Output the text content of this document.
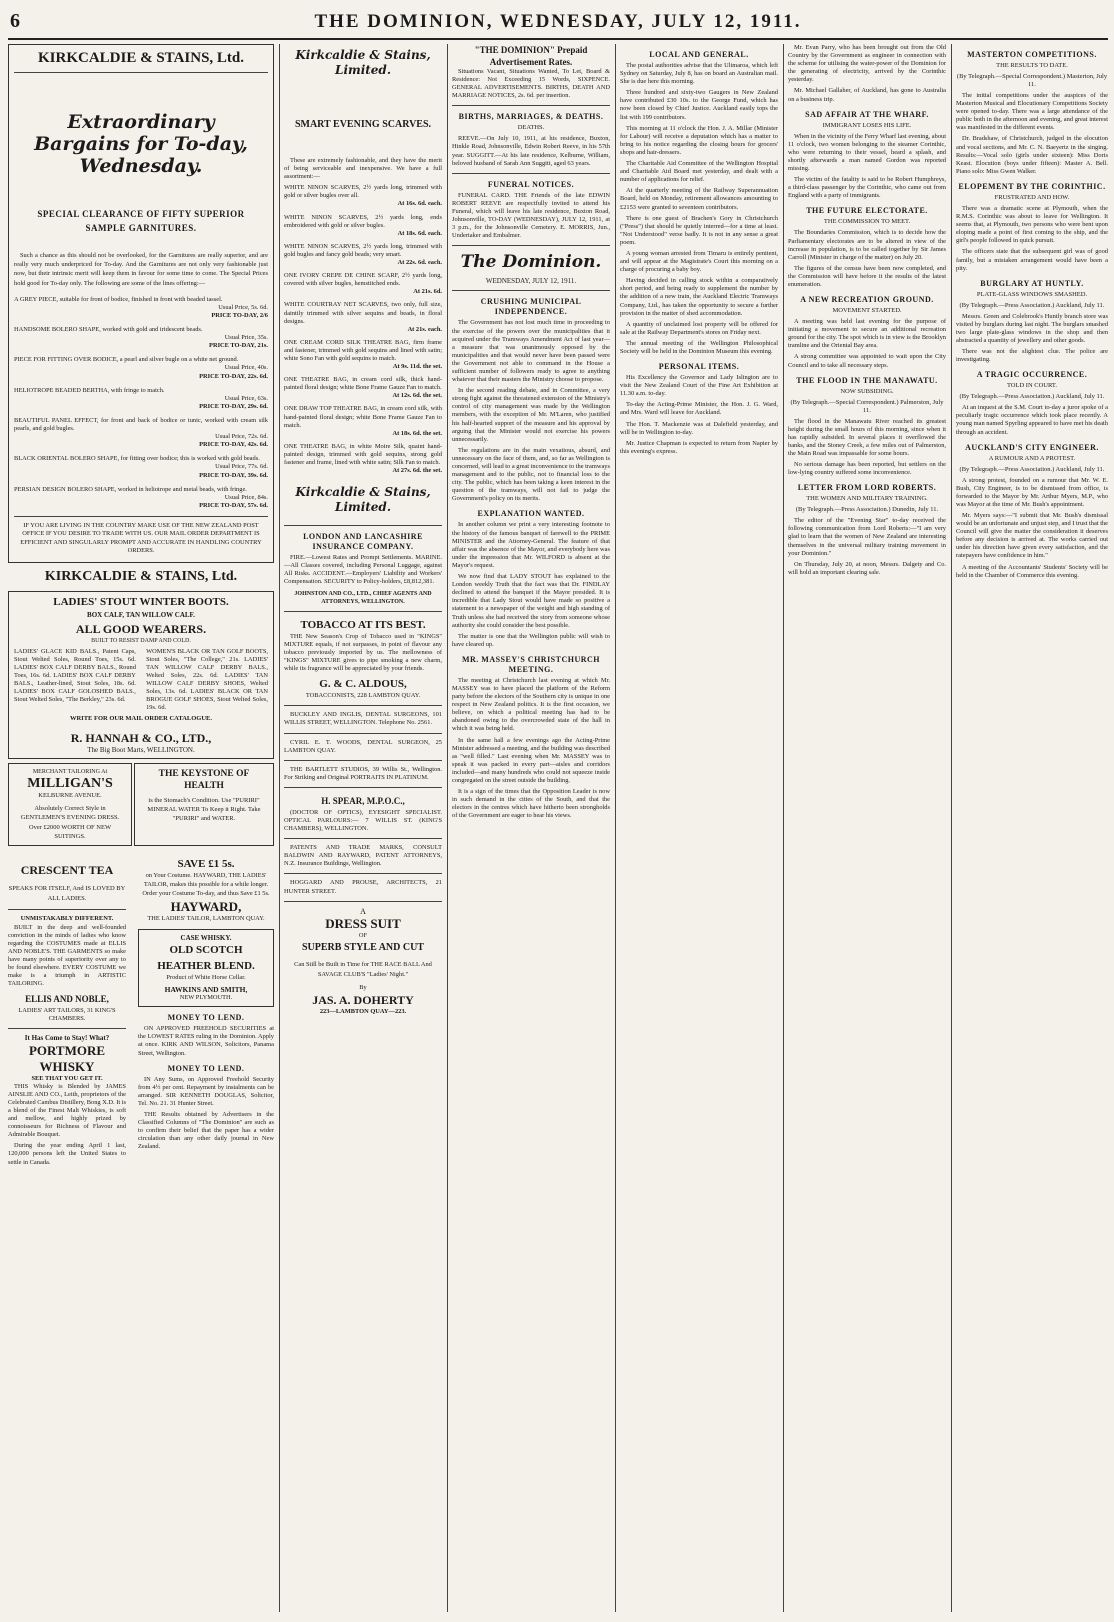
6	THE DOMINION, WEDNESDAY, JULY 12, 1911.
KIRKCALDIE & STAINS, Ltd.
Extraordinary Bargains for To-day, Wednesday.
SPECIAL CLEARANCE OF FIFTY SUPERIOR SAMPLE GARNITURES.

Such a chance as this should not be overlooked, for the Garnitures are really superior, and are really very much underpriced for To-day. And the Garnitures are not only very fashionable just now, but their intrinsic merit will keep them in favour for some time to come. The Special Prices hold good for To-day only. The following are some of the lines offering:—

A GREY PIECE, suitable for front of bodice, finished in front with beaded tassel.
Usual Price, 5s. 6d.
PRICE TO-DAY, 2/6
HANDSOME BOLERO SHAPE, worked with gold and iridescent beads.
Usual Price, 35s.
PRICE TO-DAY, 21s.
PIECE FOR FITTING OVER BODICE, a pearl and silver bugle on a white net ground.
Usual Price, 40s.
PRICE TO-DAY, 22s. 6d.
HELIOTROPE BEADED BERTHA, with fringe to match.
Usual Price, 63s.
PRICE TO-DAY, 29s. 6d.
BEAUTIFUL PANEL EFFECT, for front and back of bodice or tunic, worked with cream silk pearls, and gold bugles.
Usual Price, 72s. 6d.
PRICE TO-DAY, 42s. 6d.
BLACK ORIENTAL BOLERO SHAPE, for fitting over bodice; this is worked with gold beads.
Usual Price, 77s. 6d.
PRICE TO-DAY, 39s. 6d.
PERSIAN DESIGN BOLERO SHAPE, worked in heliotrope and metal beads, with fringe.
Usual Price, 84s.
PRICE TO-DAY, 57s. 6d.
IF YOU ARE LIVING IN THE COUNTRY MAKE USE OF THE NEW ZEALAND POST OFFICE IF YOU DESIRE TO TRADE WITH US. OUR MAIL ORDER DEPARTMENT IS EFFICIENT AND SINGULARLY PROMPT AND ACCURATE IN HANDLING COUNTRY ORDERS.
KIRKCALDIE & STAINS, Ltd.
LADIES' STOUT WINTER BOOTS.
BOX CALF, TAN WILLOW CALF.
ALL GOOD WEARERS.
BUILT TO RESIST DAMP AND COLD.
LADIES' GLACE KID BALS., Patent Caps, Stout Welted Soles, Round Toes, 15s. 6d. LADIES' BOX CALF DERBY BALS., Round Toes, 16s. 6d. LADIES' BOX CALF DERBY BALS., Leather-lined, Stout Soles, 18s. 6d. LADIES' BOX CALF GOLOSHED BALS., Stout Welted Soles, "The Berkley," 23s. 6d.
WOMEN'S BLACK OR TAN GOLF BOOTS, Stout Soles, "The College," 21s. LADIES' TAN WILLOW CALF DERBY BALS., Welted Soles, 22s. 6d. LADIES' TAN WILLOW CALF DERBY SHOES, Welted Soles, 13s. 6d. LADIES' BLACK OR TAN BROGUE GOLF SHOES, Stout Welted Soles, 19s. 6d.
WRITE FOR OUR MAIL ORDER CATALOGUE.
R. HANNAH & CO., LTD.,
The Big Boot Marts, WELLINGTON.
MERCHANT TAILORING At
MILLIGAN'S
KELBURNE AVENUE.
Absolutely Correct Style in GENTLEMEN'S EVENING DRESS. Over £2000 WORTH OF NEW SUITINGS.
THE KEYSTONE OF HEALTH
is the Stomach's Condition. Use "PURIRI" MINERAL WATER To Keep it Right. Take "PURIRI" and WATER.
CRESCENT TEA
SPEAKS FOR ITSELF, And IS LOVED BY ALL LADIES.
UNMISTAKABLY DIFFERENT.

BUILT in the deep and well-founded conviction in the minds of ladies who know regarding the COSTUMES made at ELLIS AND NOBLE'S. THE GARMENTS so make have many points of superiority over any to be found elsewhere. EVERY COSTUME we make is a triumph in ARTISTIC TAILORING.

ELLIS AND NOBLE,
LADIES' ART TAILORS, 31 KING'S CHAMBERS.
It Has Come to Stay! What?
PORTMORE WHISKY
SEE THAT YOU GET IT.

THIS Whisky is Blended by JAMES AINSLIE AND CO., Leith, proprietors of the Celebrated Cambus Distillery, Bong X.D. It is a blend of the Finest Malt Whiskies, is soft and mellow, and highly prized by connoisseurs for Richness of Flavour and Admirable Bouquet.

During the year ending April 1 last, 120,000 persons left the United States to settle in Canada.

SAVE £1 5s.
on Your Costume. HAYWARD, THE LADIES' TAILOR, makes this possible for a while longer. Order your Costume To-day, and thus Save £1 5s.
HAYWARD,
THE LADIES' TAILOR, LAMBTON QUAY.
CASE WHISKY.
OLD SCOTCH HEATHER BLEND.
Product of White Horse Cellar.
HAWKINS AND SMITH,
NEW PLYMOUTH.
MONEY TO LEND.

ON APPROVED FREEHOLD SECURITIES at the LOWEST RATES ruling in the Dominion. Apply at once. KIRK AND WILSON, Solicitors, Panama Street, Wellington.

MONEY TO LEND.

IN Any Sums, on Approved Freehold Security from 4½ per cent. Repayment by instalments can be arranged. SIR KENNETH DOUGLAS, Solicitor, Tel. No. 21. 31 Hunter Street.

THE Results obtained by Advertisers in the Classified Columns of "The Dominion" are such as to confirm their belief that the paper has a wider circulation than any other daily journal in New Zealand.

Kirkcaldie & Stains, Limited.
SMART EVENING SCARVES.

These are extremely fashionable, and they have the merit of being serviceable and inexpensive. We have a full assortment:—

WHITE NINON SCARVES, 2½ yards long, trimmed with gold or silver bugles over all.
At 16s. 6d. each.
WHITE NINON SCARVES, 2½ yards long, ends embroidered with gold or silver bugles.
At 18s. 6d. each.
WHITE NINON SCARVES, 2½ yards long, trimmed with gold bugles and fancy gold beads; very smart.
At 22s. 6d. each.
ONE IVORY CREPE DE CHINE SCARF, 2½ yards long, covered with silver bugles, hemstitched ends.
At 21s. 6d.
WHITE COURTRAY NET SCARVES, two only, full size, daintily trimmed with silver sequins and beads, in floral designs.
At 21s. each.
ONE CREAM CORD SILK THEATRE BAG, firm frame and fastener, trimmed with gold sequins and lined with satin; white Sono Fan with gold sequins to match.
At 9s. 11d. the set.
ONE THEATRE BAG, in cream cord silk, thick hand-painted floral design; white Bone Frame Gauze Fan to match.
At 12s. 6d. the set.
ONE DRAW TOP THEATRE BAG, in cream cord silk, with hand-painted floral design; white Bone Frame Gauze Fan to match.
At 18s. 6d. the set.
ONE THEATRE BAG, in white Moire Silk, quaint hand-painted design, trimmed with gold sequins, strong gold fastener and frame, lined with white satin; Silk Fan to match.
At 27s. 6d. the set.
Kirkcaldie & Stains, Limited.
LONDON AND LANCASHIRE INSURANCE COMPANY.

FIRE.—Lowest Rates and Prompt Settlements. MARINE.—All Classes covered, including Personal Luggage, against All Risks. ACCIDENT.—Employers' Liability and Workers' Compensation. SECURITY to Policy-holders, £8,812,381.

JOHNSTON AND CO., LTD., CHIEF AGENTS AND ATTORNEYS, WELLINGTON.
TOBACCO AT ITS BEST.

THE New Season's Crop of Tobacco used in "KINGS" MIXTURE equals, if not surpasses, in point of flavour any tobacco previously imported by us. The mellowness of "KINGS" MIXTURE gives to pipe smoking a new charm, while its fragrance will be appreciated by your friends.

G. & C. ALDOUS,
TOBACCONISTS, 228 LAMBTON QUAY.

BUCKLEY AND INGLIS, DENTAL SURGEONS, 101 WILLIS STREET, WELLINGTON. Telephone No. 2561.

CYRIL E. T. WOODS, DENTAL SURGEON, 25 LAMBTON QUAY.

THE BARTLETT STUDIOS, 39 Willis St., Wellington. For Striking and Original PORTRAITS IN PLATINUM.

H. SPEAR, M.P.O.C.,

(DOCTOR OF OPTICS), EYESIGHT SPECIALIST. OPTICAL PARLOURS:— 7 WILLIS ST. (KING'S CHAMBERS), WELLINGTON.

PATENTS AND TRADE MARKS, CONSULT BALDWIN AND RAYWARD, PATENT ATTORNEYS, N.Z. Insurance Buildings, Wellington.

HOGGARD AND PROUSE, ARCHITECTS, 21 HUNTER STREET.

A
DRESS SUIT
OF
SUPERB STYLE AND CUT
Can Still be Built in Time for THE RACE BALL And SAVAGE CLUB'S "Ladies' Night."
By
JAS. A. DOHERTY
223—LAMBTON QUAY—223.
"THE DOMINION" Prepaid Advertisement Rates.

Situations Vacant, Situations Wanted, To Let, Board & Residence: Not Exceeding 15 Words, SIXPENCE. GENERAL ADVERTISEMENTS. BIRTHS, DEATH AND MARRIAGE NOTICES, 2s. 6d. per insertion.

BIRTHS, MARRIAGES, & DEATHS.
DEATHS.

REEVE.—On July 10, 1911, at his residence, Buxton, Hinkle Road, Johnsonville, Edwin Robert Reeve, in his 57th year. SUGGITT.—At his late residence, Kelburne, William, beloved husband of Sarah Ann Suggitt, aged 63 years.

FUNERAL NOTICES.

FUNERAL CARD. THE Friends of the late EDWIN ROBERT REEVE are respectfully invited to attend his Funeral, which will leave his late residence, Buxton Road, Johnsonville, TO-DAY (WEDNESDAY), JULY 12, 1911, at 3 p.m., for the Johnsonville Cemetery. E. MORRIS, Jun., Undertaker and Embalmer.

The Dominion.
WEDNESDAY, JULY 12, 1911.
CRUSHING MUNICIPAL INDEPENDENCE.

The Government has not lost much time in proceeding to the exercise of the powers over the municipalities that it acquired under the Tramways Amendment Act of last year—a measure that was unanimously opposed by the municipalities and that would never have been passed were the Government not able to command in the House a sufficient number of followers ready to agree to anything whatever that their masters the Ministry choose to propose.

In the second reading debate, and in Committee, a very strong fight against the threatened extension of the Ministry's control of city management was made by the Wellington members, with the exception of Mr. M'Laren, who justified his half-hearted support of the measure and his approval by arguing that the Minister would not exercise his powers unnecessarily.

The regulations are in the main vexatious, absurd, and unnecessary on the face of them, and, so far as Wellington is concerned, will lead to a great inconvenience to the tramways management and to the public, not to financial loss to the city. The public, which has been taking a keen interest in the question of the tramways, will not fail to judge the Government's policy on its merits.

EXPLANATION WANTED.

In another column we print a very interesting footnote to the history of the famous banquet of farewell to the PRIME MINISTER and the Attorney-General. The feature of that affair was the absence of the Mayor, and everybody here was under the impression that Mr. WILFORD is absent at the Mayor's request.

We now find that LADY STOUT has explained to the London weekly Truth that the fact was that Dr. FINDLAY declined to attend the banquet if the Mayor presided. It is incredible that Lady Stout would have made so positive a statement to a newspaper of the weight and high standing of Truth unless she had received the story from someone whose authority she could consider the best possible.

The matter is one that the Wellington public will wish to have cleared up.

MR. MASSEY'S CHRISTCHURCH MEETING.

The meeting at Christchurch last evening at which Mr. MASSEY was to have placed the platform of the Reform party before the electors of the Southern city is unique in one respect in New Zealand politics. It is the first occasion, we believe, on which a political meeting has had to be abandoned owing to the overcrowded state of the hall in which it was being held.

In the same hall a few evenings ago the Acting-Prime Minister addressed a meeting, and the building was described as "well filled." Last evening when Mr. MASSEY was to speak it was packed in every part—aisles and corridors included—and many hundreds who could not squeeze inside congregated on the street outside the building.

It is a sign of the times that the Opposition Leader is now in such demand in the cities of the South, and that the electors in the centres which have hitherto been strongholds of the Government are eager to hear his views.

LOCAL AND GENERAL.

The postal authorities advise that the Ulimaroa, which left Sydney on Saturday, July 8, has on board an Australian mail. She is due here this morning.

Three hundred and sixty-two Gaugers in New Zealand have contributed £30 10s. to the George Fund, which has now been closed by Chief Justice. Auckland easily tops the list with 199 contributors.

This morning at 11 o'clock the Hon. J. A. Millar (Minister for Labour) will receive a deputation which has a matter to bring to his notice regarding the closing hours for grocers' shops and hair-dressers.

The Charitable Aid Committee of the Wellington Hospital and Charitable Aid Board met yesterday, and dealt with a number of applications for relief.

At the quarterly meeting of the Railway Superannuation Board, held on Monday, retirement allowances amounting to £2153 were granted to seventeen contributors.

There is one guest of Brachen's Gory in Christchurch ("Press") that should be quietly interred—for a time at least. "Not Understood" verse badly. It is not in any sense a great poem.

A young woman arrested from Timaru is entirely penitent, and will appear at the Magistrate's Court this morning on a charge of procuring a baby boy.

Having decided in calling stock within a comparatively short period, and being ready to supplement the number by the addition of a new train, the Auckland Electric Tramways Company, Ltd., has taken the opportunity to secure a further provision in the matter of shed accommodation.

A quantity of unclaimed lost property will be offered for sale at the Railway Department's stores on Friday next.

The annual meeting of the Wellington Philosophical Society will be held in the Dominion Museum this evening.

PERSONAL ITEMS.

His Excellency the Governor and Lady Islington are to visit the New Zealand Court of the Fine Art Exhibition at 11.30 a.m. to-day.

To-day the Acting-Prime Minister, the Hon. J. G. Ward, and Mrs. Ward will leave for Auckland.

The Hon. T. Mackenzie was at Dalefield yesterday, and will be in Wellington to-day.

Mr. Justice Chapman is expected to return from Napier by this evening's express.

Mr. Evan Parry, who has been brought out from the Old Country by the Government as engineer in connection with the scheme for utilising the water-power of the Dominion for the generating of electricity, arrived by the Corinthic yesterday.

Mr. Michael Gallaher, of Auckland, has gone to Australia on a business trip.

SAD AFFAIR AT THE WHARF.
IMMIGRANT LOSES HIS LIFE.

When in the vicinity of the Ferry Wharf last evening, about 11 o'clock, two women belonging to the steamer Corinthic, who were returning to their vessel, heard a splash, and shortly afterwards a man named Gordon was reported missing.

The victim of the fatality is said to be Robert Humphreys, a third-class passenger by the Corinthic, who came out from England with a party of immigrants.

THE FUTURE ELECTORATE.
THE COMMISSION TO MEET.

The Boundaries Commission, which is to decide how the Parliamentary electorates are to be altered in view of the increase in population, is to be called together by Sir James Carroll (Minister in charge of the matter) on July 20.

The figures of the census have been now completed, and the Commission will have before it the results of the latest enumeration.

A NEW RECREATION GROUND.
MOVEMENT STARTED.

A meeting was held last evening for the purpose of initiating a movement to secure an additional recreation ground for the city. The spot which is in view is the Brooklyn tramline and the Oriental Bay area.

A strong committee was appointed to wait upon the City Council and to take all necessary steps.

THE FLOOD IN THE MANAWATU.
NOW SUBSIDING.
(By Telegraph.—Special Correspondent.) Palmerston, July 11.

The flood in the Manawatu River reached its greatest height during the small hours of this morning, since when it has rapidly subsided. In several places it overflowed the banks, and the Stoney Creek, a few miles out of Palmerston, the Main Road was impassable for some hours.

No serious damage has been reported, but settlers on the low-lying country suffered some inconvenience.

LETTER FROM LORD ROBERTS.
THE WOMEN AND MILITARY TRAINING.
(By Telegraph.—Press Association.) Dunedin, July 11.

The editor of the "Evening Star" to-day received the following communication from Lord Roberts:—"I am very glad to learn that the women of New Zealand are interesting themselves in the universal military training movement in your Dominion."

On Thursday, July 20, at noon, Messrs. Dalgety and Co. will hold an important clearing sale.

MASTERTON COMPETITIONS.
THE RESULTS TO DATE.
(By Telegraph.—Special Correspondent.) Masterton, July 11.

The initial competitions under the auspices of the Masterton Musical and Elocutionary Competitions Society were opened to-day. There was a large attendance of the public both in the afternoon and evening, and great interest was manifested in the different events.

Dr. Bradshaw, of Christchurch, judged in the elocution and vocal sections, and Mr. C. N. Baeyertz in the singing. Results:—Vocal solo (girls under sixteen): Miss Doris Keast. Elocution (boys under fifteen): Master A. Bell. Piano solo: Miss Gwen Walker.

ELOPEMENT BY THE CORINTHIC.
FRUSTRATED AND HOW.

There was a dramatic scene at Plymouth, when the R.M.S. Corinthic was about to leave for Wellington. It seems that, at Plymouth, two persons who were bent upon eloping made a point of first coming to the ship, and the girl's people followed in quick pursuit.

The officers state that the subsequent girl was of good family, but a mistaken arrangement would have been a pity.

BURGLARY AT HUNTLY.
PLATE-GLASS WINDOWS SMASHED.
(By Telegraph.—Press Association.) Auckland, July 11.

Messrs. Green and Colebrook's Huntly branch store was visited by burglars during last night. The burglars smashed two large plate-glass windows in the shop and then abstracted a quantity of jewellery and other goods.

There was not the slightest clue. The police are investigating.

A TRAGIC OCCURRENCE.
TOLD IN COURT.
(By Telegraph.—Press Association.) Auckland, July 11.

At an inquest at the S.M. Court to-day a juror spoke of a peculiarly tragic occurrence which took place recently. A young man named Spyrling appeared to have met his death through an accident.

AUCKLAND'S CITY ENGINEER.
A RUMOUR AND A PROTEST.
(By Telegraph.—Press Association.) Auckland, July 11.

A strong protest, founded on a rumour that Mr. W. E. Bush, City Engineer, is to be dismissed from office, is forwarded to the Mayor by Mr. Arthur Myers, M.P., who was Mayor at the time of Mr. Bush's appointment.

Mr. Myers says:—"I submit that Mr. Bush's dismissal would be an unfortunate and unjust step, and I trust that the Council will give the matter the consideration it deserves before any decision is arrived at. The works carried out under his direction have given every satisfaction, and the ratepayers have confidence in him."

A meeting of the Accountants' Students' Society will be held in the Chamber of Commerce this evening.
